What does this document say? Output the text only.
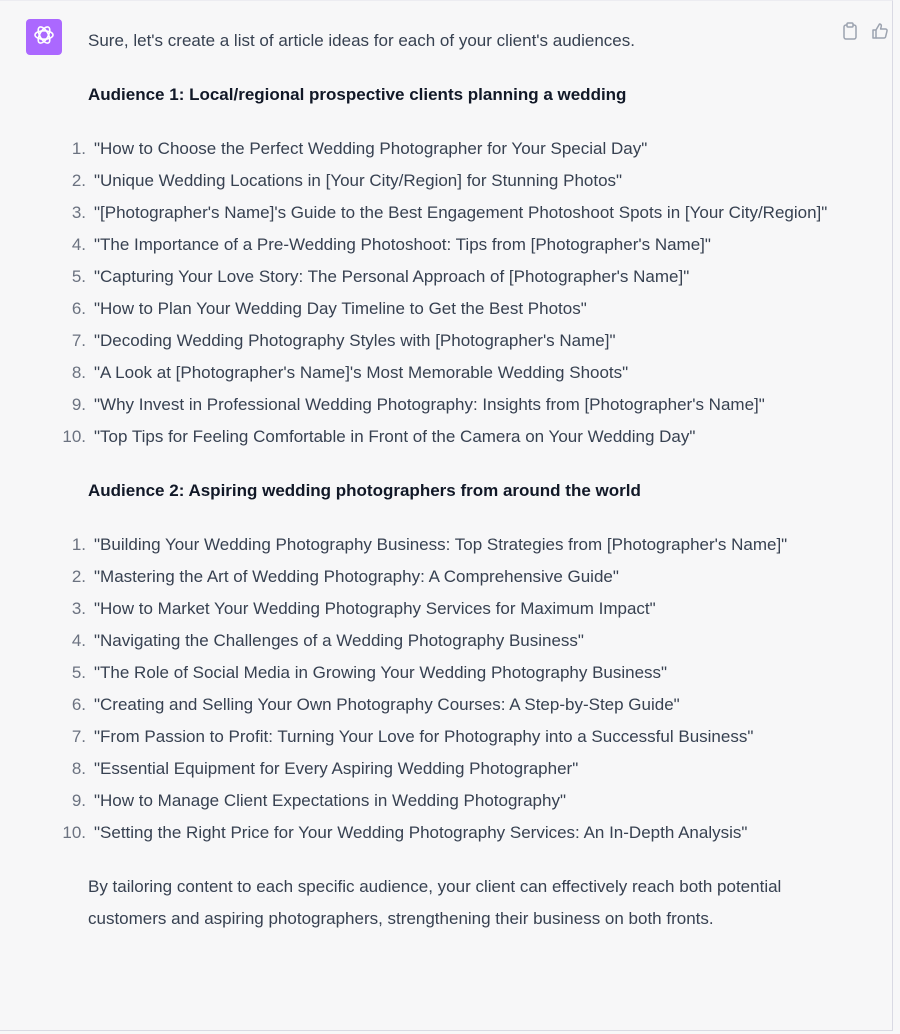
Sure, let's create a list of article ideas for each of your client's audiences.

Audience 1: Local/regional prospective clients planning a wedding
1. "How to Choose the Perfect Wedding Photographer for Your Special Day"
2. "Unique Wedding Locations in [Your City/Region] for Stunning Photos"
3. "[Photographer's Name]'s Guide to the Best Engagement Photoshoot Spots in [Your City/Region]"
4. "The Importance of a Pre-Wedding Photoshoot: Tips from [Photographer's Name]"
5. "Capturing Your Love Story: The Personal Approach of [Photographer's Name]"
6. "How to Plan Your Wedding Day Timeline to Get the Best Photos"
7. "Decoding Wedding Photography Styles with [Photographer's Name]"
8. "A Look at [Photographer's Name]'s Most Memorable Wedding Shoots"
9. "Why Invest in Professional Wedding Photography: Insights from [Photographer's Name]"
10. "Top Tips for Feeling Comfortable in Front of the Camera on Your Wedding Day"
Audience 2: Aspiring wedding photographers from around the world
1. "Building Your Wedding Photography Business: Top Strategies from [Photographer's Name]"
2. "Mastering the Art of Wedding Photography: A Comprehensive Guide"
3. "How to Market Your Wedding Photography Services for Maximum Impact"
4. "Navigating the Challenges of a Wedding Photography Business"
5. "The Role of Social Media in Growing Your Wedding Photography Business"
6. "Creating and Selling Your Own Photography Courses: A Step-by-Step Guide"
7. "From Passion to Profit: Turning Your Love for Photography into a Successful Business"
8. "Essential Equipment for Every Aspiring Wedding Photographer"
9. "How to Manage Client Expectations in Wedding Photography"
10. "Setting the Right Price for Your Wedding Photography Services: An In-Depth Analysis"

By tailoring content to each specific audience, your client can effectively reach both potential customers and aspiring photographers, strengthening their business on both fronts.
